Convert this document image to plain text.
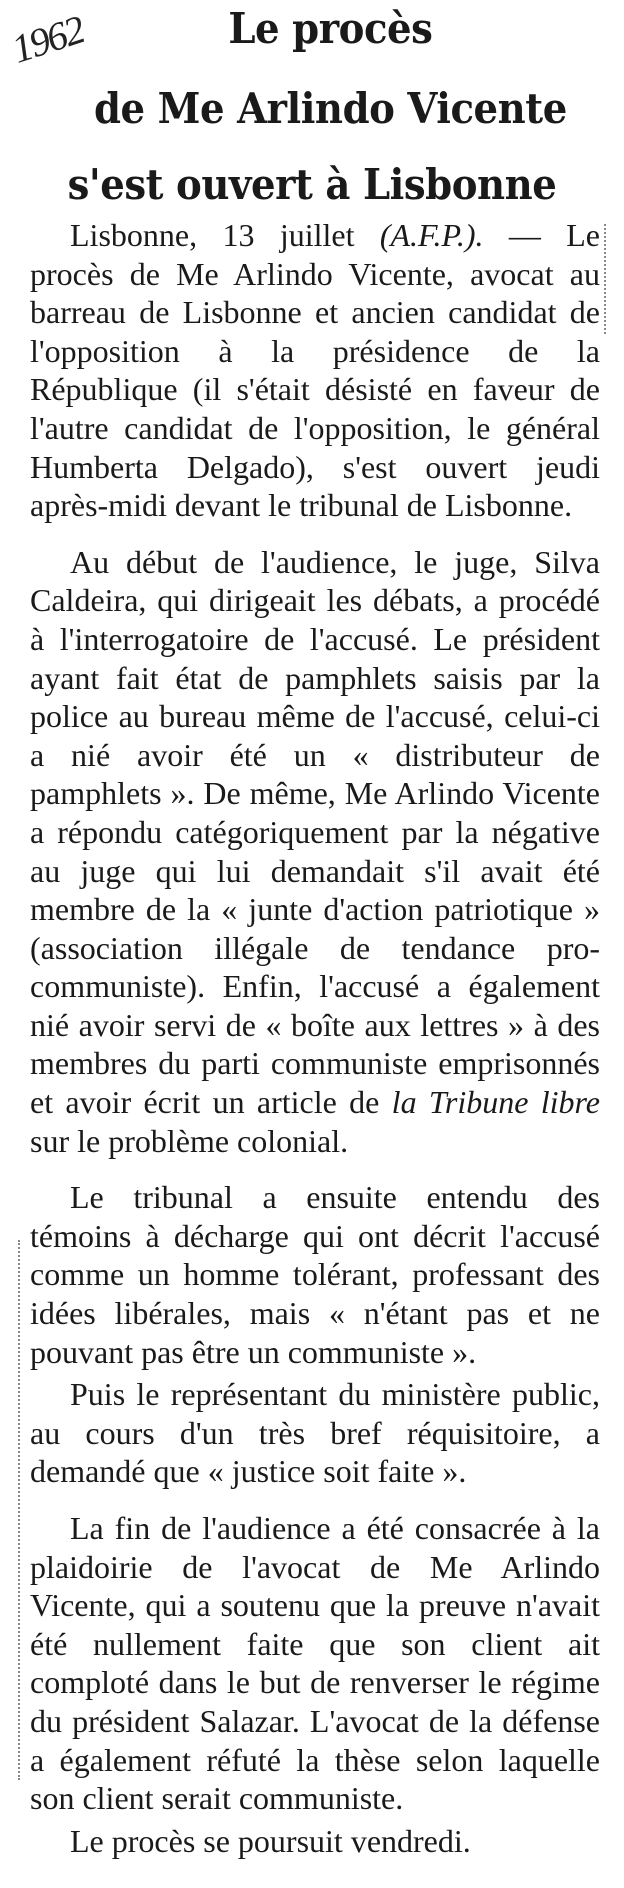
1962	Le procès
de Me Arlindo Vicente
s'est ouvert à Lisbonne

Lisbonne, 13 juillet (A.F.P.). — Le procès de Me Arlindo Vicente, avocat au barreau de Lisbonne et ancien candidat de l'opposition à la présidence de la République (il s'était désisté en faveur de l'autre candidat de l'opposition, le général Humberta Delgado), s'est ouvert jeudi après-midi devant le tribunal de Lisbonne.

Au début de l'audience, le juge, Silva Caldeira, qui dirigeait les débats, a procédé à l'interrogatoire de l'accusé. Le président ayant fait état de pamphlets saisis par la police au bureau même de l'accusé, celui-ci a nié avoir été un « distributeur de pamphlets ». De même, Me Arlindo Vicente a répondu catégoriquement par la négative au juge qui lui demandait s'il avait été membre de la « junte d'action patriotique » (association illégale de tendance pro-communiste). Enfin, l'accusé a également nié avoir servi de « boîte aux lettres » à des membres du parti communiste emprisonnés et avoir écrit un article de la Tribune libre sur le problème colonial.

Le tribunal a ensuite entendu des témoins à décharge qui ont décrit l'accusé comme un homme tolérant, professant des idées libérales, mais « n'étant pas et ne pouvant pas être un communiste ».

Puis le représentant du ministère public, au cours d'un très bref réquisitoire, a demandé que « justice soit faite ».

La fin de l'audience a été consacrée à la plaidoirie de l'avocat de Me Arlindo Vicente, qui a soutenu que la preuve n'avait été nullement faite que son client ait comploté dans le but de renverser le régime du président Salazar. L'avocat de la défense a également réfuté la thèse selon laquelle son client serait communiste.

Le procès se poursuit vendredi.
